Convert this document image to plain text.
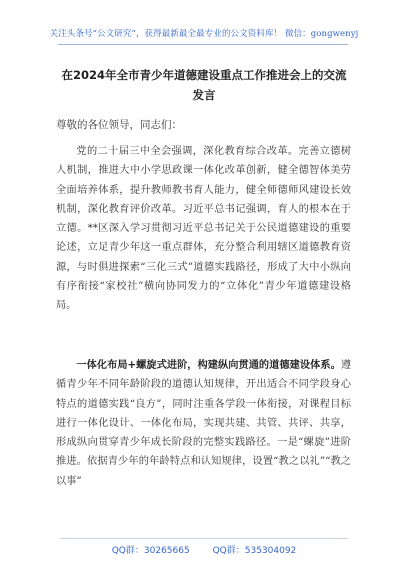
关注头条号“公文研究”，获得最新最全最专业的公文资料库！ 微信：gongwenyj
在2024年全市青少年道德建设重点工作推进会上的交流发言
尊敬的各位领导，同志们：

党的二十届三中全会强调，深化教育综合改革。完善立德树人机制，推进大中小学思政课一体化改革创新，健全德智体美劳全面培养体系，提升教师教书育人能力，健全师德师风建设长效机制，深化教育评价改革。习近平总书记强调，育人的根本在于立德。**区深入学习贯彻习近平总书记关于公民道德建设的重要论述，立足青少年这一重点群体，充分整合利用辖区道德教育资源，与时俱进探索“三化三式”道德实践路径，形成了大中小纵向有序衔接“家校社”横向协同发力的“立体化”青少年道德建设格局。

一体化布局+螺旋式进阶，构建纵向贯通的道德建设体系。遵循青少年不同年龄阶段的道德认知规律，开出适合不同学段身心特点的道德实践“良方”，同时注重各学段一体衔接，对课程目标进行一体化设计、一体化布局，实现共建、共管、共评、共享，形成纵向贯穿青少年成长阶段的完整实践路径。一是“螺旋”进阶推进。依据青少年的年龄特点和认知规律，设置“教之以礼”“教之以事”

QQ群：30265665	QQ群：535304092
